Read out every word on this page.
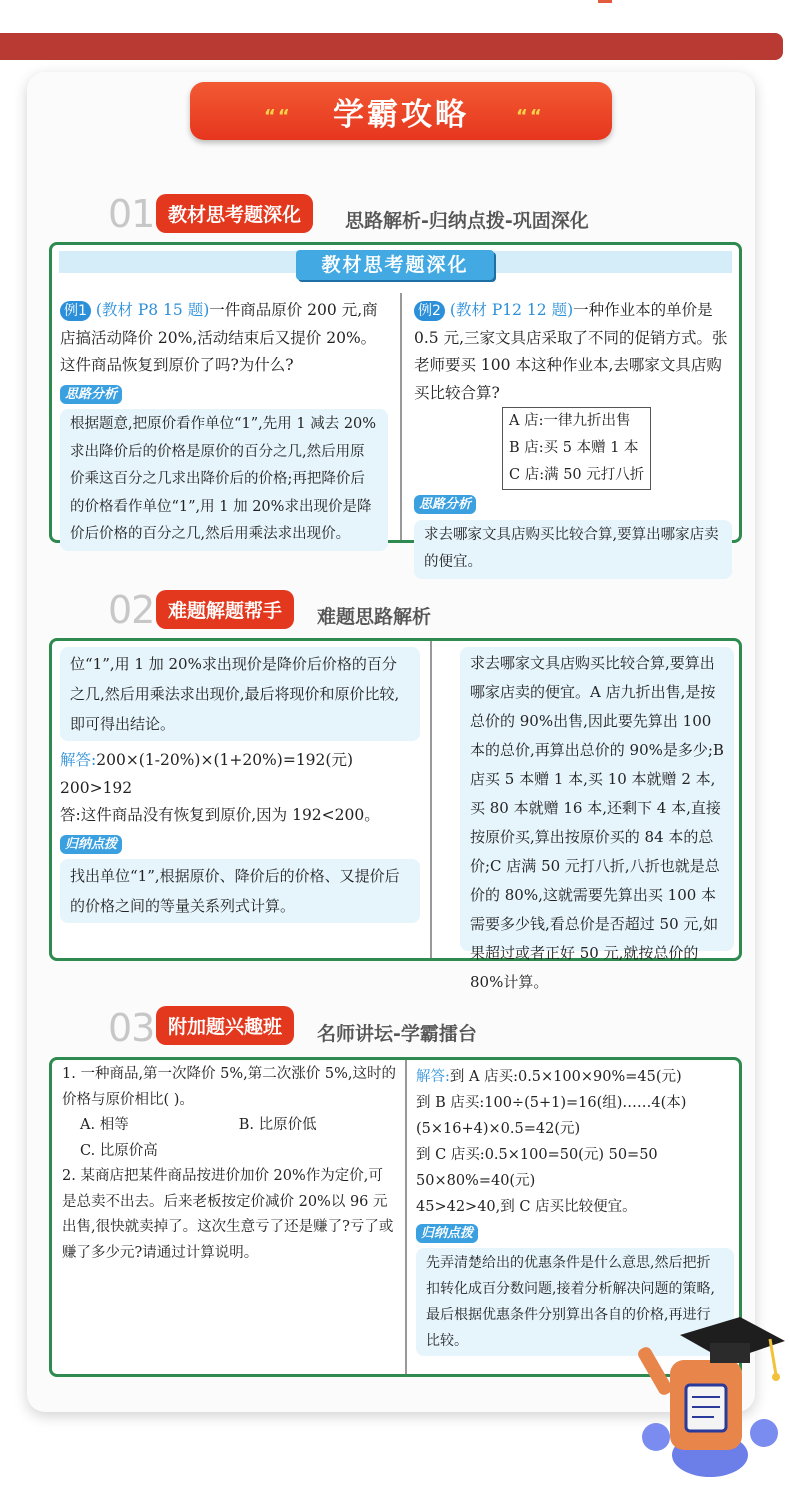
““ 学霸攻略	““
01 教材思考题深化	思路解析-归纳点拨-巩固深化
教材思考题深化
例1 (教材 P8 15 题)一件商品原价 200 元,商店搞活动降价 20%,活动结束后又提价 20%。这件商品恢复到原价了吗?为什么?
思路分析
根据题意,把原价看作单位“1”,先用 1 减去 20%求出降价后的价格是原价的百分之几,然后用原价乘这百分之几求出降价后的价格;再把降价后的价格看作单位“1”,用 1 加 20%求出现价是降价后价格的百分之几,然后用乘法求出现价。
例2 (教材 P12 12 题)一种作业本的单价是 0.5 元,三家文具店采取了不同的促销方式。张老师要买 100 本这种作业本,去哪家文具店购买比较合算?
A 店:一律九折出售
B 店:买 5 本赠 1 本
C 店:满 50 元打八折
思路分析
求去哪家文具店购买比较合算,要算出哪家店卖的便宜。
02 难题解题帮手	难题思路解析
位“1”,用 1 加 20%求出现价是降价后价格的百分之几,然后用乘法求出现价,最后将现价和原价比较,即可得出结论。
解答:200×(1-20%)×(1+20%)=192(元)
200>192
答:这件商品没有恢复到原价,因为 192<200。
归纳点拨
找出单位“1”,根据原价、降价后的价格、又提价后的价格之间的等量关系列式计算。
求去哪家文具店购买比较合算,要算出哪家店卖的便宜。A 店九折出售,是按总价的 90%出售,因此要先算出 100 本的总价,再算出总价的 90%是多少;B 店买 5 本赠 1 本,买 10 本就赠 2 本,买 80 本就赠 16 本,还剩下 4 本,直接按原价买,算出按原价买的 84 本的总价;C 店满 50 元打八折,八折也就是总价的 80%,这就需要先算出买 100 本需要多少钱,看总价是否超过 50 元,如果超过或者正好 50 元,就按总价的 80%计算。
03 附加题兴趣班	名师讲坛-学霸擂台
1. 一种商品,第一次降价 5%,第二次涨价 5%,这时的价格与原价相比( )。
A. 相等	B. 比原价低
C. 比原价高
2. 某商店把某件商品按进价加价 20%作为定价,可是总卖不出去。后来老板按定价减价 20%以 96 元出售,很快就卖掉了。这次生意亏了还是赚了?亏了或赚了多少元?请通过计算说明。
解答:到 A 店买:0.5×100×90%=45(元)
到 B 店买:100÷(5+1)=16(组)……4(本)
(5×16+4)×0.5=42(元)
到 C 店买:0.5×100=50(元) 50=50
50×80%=40(元)
45>42>40,到 C 店买比较便宜。
归纳点拨
先弄清楚给出的优惠条件是什么意思,然后把折扣转化成百分数问题,接着分析解决问题的策略,最后根据优惠条件分别算出各自的价格,再进行比较。
